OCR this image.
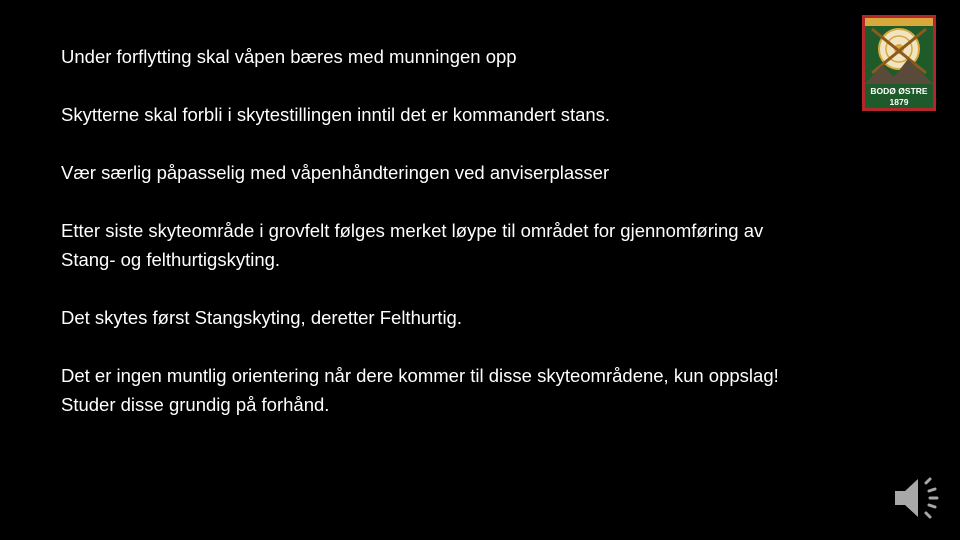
Under forflytting skal våpen bæres med munningen opp

Skytterne skal forbli i skytestillingen inntil det er kommandert stans.

Vær særlig påpasselig med våpenhåndteringen ved anviserplasser

Etter siste skyteområde i grovfelt følges merket løype til området for gjennomføring av
Stang- og felthurtigskyting.

Det skytes først Stangskyting, deretter Felthurtig.

Det er ingen muntlig orientering når dere kommer til disse skyteområdene, kun oppslag!
Studer disse grundig på forhånd.

BODØ ØSTRE
1879
